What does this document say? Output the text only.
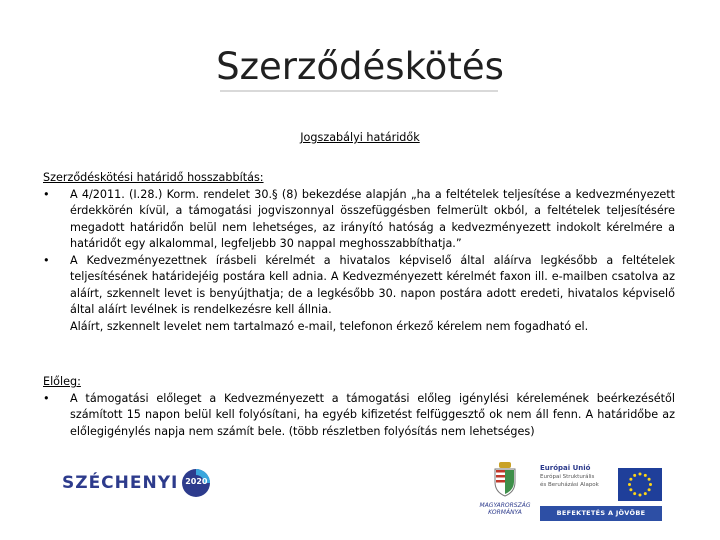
Szerződéskötés
Jogszabályi határidők
Szerződéskötési határidő hosszabbítás:
•	A 4/2011. (I.28.) Korm. rendelet 30.§ (8) bekezdése alapján „ha a feltételek teljesítése a kedvezményezett érdekkörén kívül, a támogatási jogviszonnyal összefüggésben felmerült okból, a feltételek teljesítésére megadott határidőn belül nem lehetséges, az irányító hatóság a kedvezményezett indokolt kérelmére a határidőt egy alkalommal, legfeljebb 30 nappal meghosszabbíthatja.”
•	A Kedvezményezettnek írásbeli kérelmét a hivatalos képviselő által aláírva legkésőbb a feltételek teljesítésének határidejéig postára kell adnia. A Kedvezményezett kérelmét faxon ill. e-mailben csatolva az aláírt, szkennelt levet is benyújthatja; de a legkésőbb 30. napon postára adott eredeti, hivatalos képviselő által aláírt levélnek is rendelkezésre kell állnia.
Aláírt, szkennelt levelet nem tartalmazó e-mail, telefonon érkező kérelem nem fogadható el.
Előleg:
•	A támogatási előleget a Kedvezményezett a támogatási előleg igénylési kérelemének beérkezésétől számított 15 napon belül kell folyósítani, ha egyéb kifizetést felfüggesztő ok nem áll fenn. A határidőbe az előlegigénylés napja nem számít bele. (több részletben folyósítás nem lehetséges)
SZÉCHENYI 2020
MAGYARORSZÁG
KORMÁNYA
Európai Unió
Európai Strukturális
és Beruházási Alapok
BEFEKTETÉS A JÖVŐBE
